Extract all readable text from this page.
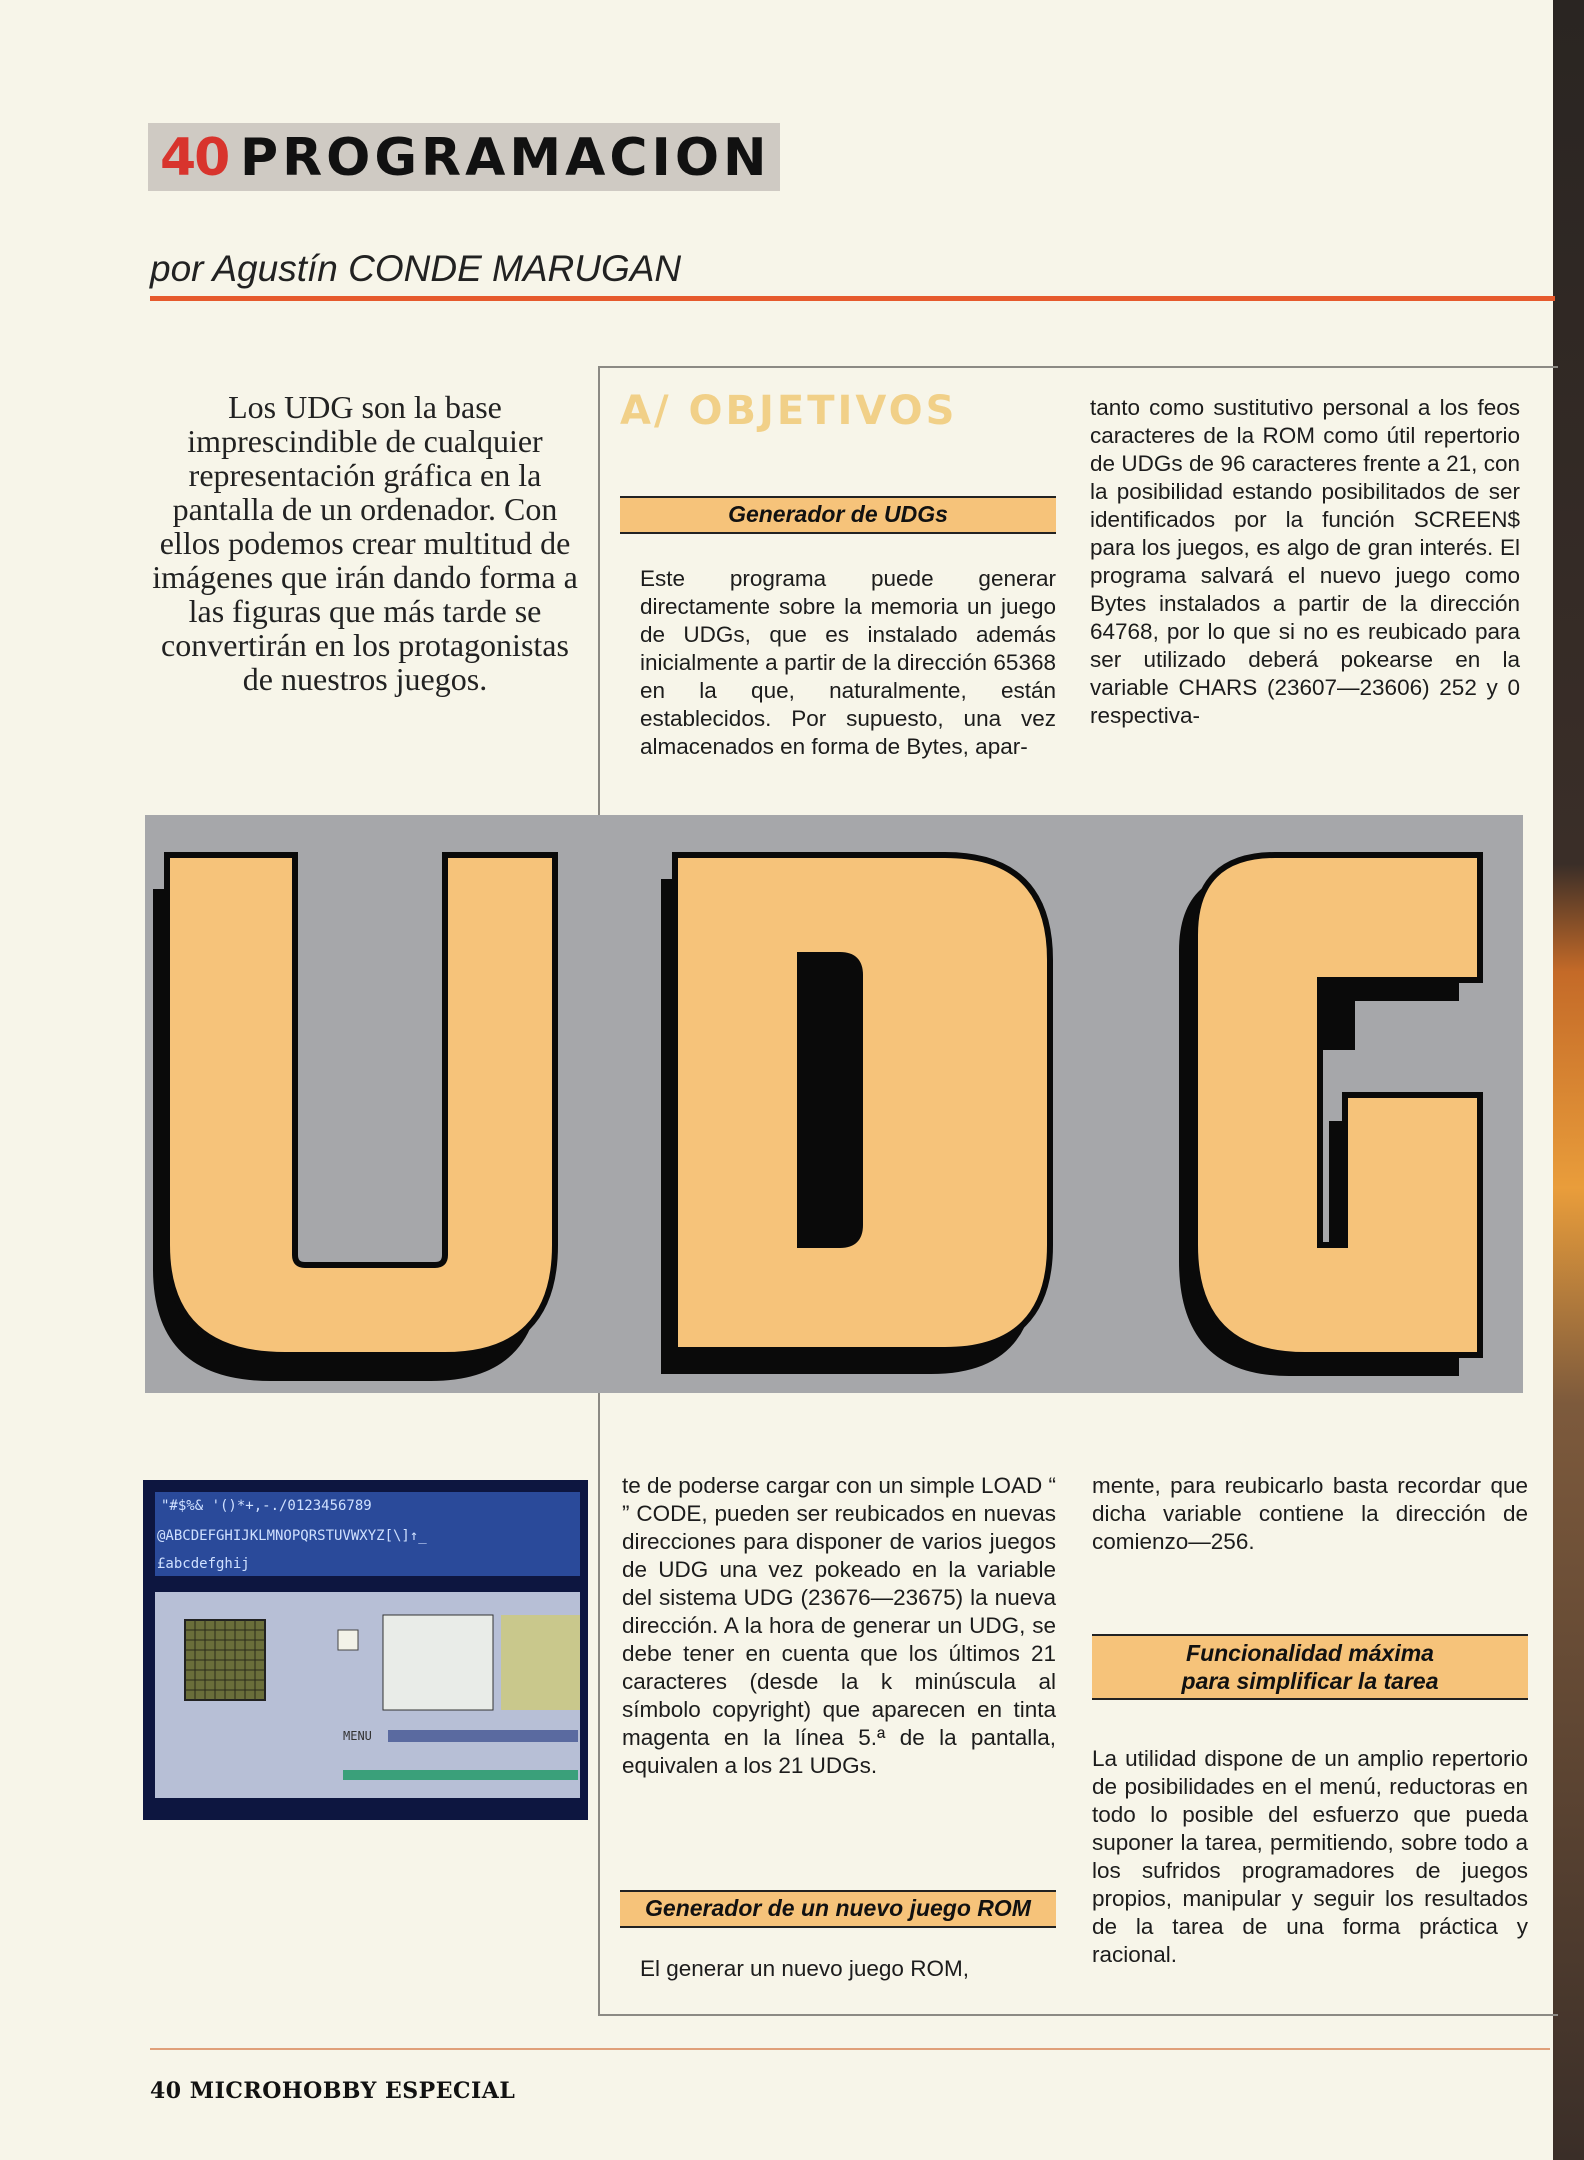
40 PROGRAMACION
por Agustín CONDE MARUGAN
Los UDG son la base imprescindible de cualquier representación gráfica en la pantalla de un ordenador. Con ellos podemos crear multitud de imágenes que irán dando forma a las figuras que más tarde se convertirán en los protagonistas de nuestros juegos.
A/ OBJETIVOS
Generador de UDGs

Este programa puede generar directamente sobre la memoria un juego de UDGs, que es instalado además inicialmente a partir de la dirección 65368 en la que, naturalmente, están establecidos. Por supuesto, una vez almacenados en forma de Bytes, apar-

tanto como sustitutivo personal a los feos caracteres de la ROM como útil repertorio de UDGs de 96 caracteres frente a 21, con la posibilidad estando posibilitados de ser identificados por la función SCREEN$ para los juegos, es algo de gran interés. El programa salvará el nuevo juego como Bytes instalados a partir de la dirección 64768, por lo que si no es reubicado para ser utilizado deberá pokearse en la variable CHARS (23607—23606) 252 y 0 respectiva-

"#$%& '()*+,-./0123456789
@ABCDEFGHIJKLMNOPQRSTUVWXYZ[\]↑_
£abcdefghij
MENU

te de poderse cargar con un simple LOAD “ ” CODE, pueden ser reubicados en nuevas direcciones para disponer de varios juegos de UDG una vez pokeado en la variable del sistema UDG (23676—23675) la nueva dirección. A la hora de generar un UDG, se debe tener en cuenta que los últimos 21 caracteres (desde la k minúscula al símbolo copyright) que aparecen en tinta magenta en la línea 5.ª de la pantalla, equivalen a los 21 UDGs.

mente, para reubicarlo basta recordar que dicha variable contiene la dirección de comienzo—256.

Funcionalidad máxima
para simplificar la tarea

La utilidad dispone de un amplio repertorio de posibilidades en el menú, reductoras en todo lo posible del esfuerzo que pueda suponer la tarea, permitiendo, sobre todo a los sufridos programadores de juegos propios, manipular y seguir los resultados de la tarea de una forma práctica y racional.

Generador de un nuevo juego ROM

El generar un nuevo juego ROM,

40 MICROHOBBY ESPECIAL
